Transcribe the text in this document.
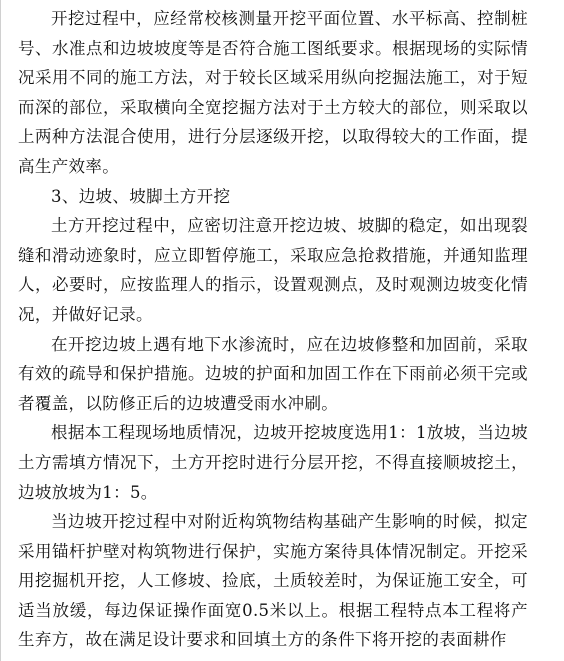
开挖过程中，应经常校核测量开挖平面位置、水平标高、控制桩号、水准点和边坡坡度等是否符合施工图纸要求。根据现场的实际情况采用不同的施工方法，对于较长区域采用纵向挖掘法施工，对于短而深的部位，采取横向全宽挖掘方法对于土方较大的部位，则采取以上两种方法混合使用，进行分层逐级开挖，以取得较大的工作面，提高生产效率。

3、边坡、坡脚土方开挖

土方开挖过程中，应密切注意开挖边坡、坡脚的稳定，如出现裂缝和滑动迹象时，应立即暂停施工，采取应急抢救措施，并通知监理人，必要时，应按监理人的指示，设置观测点，及时观测边坡变化情况，并做好记录。

在开挖边坡上遇有地下水渗流时，应在边坡修整和加固前，采取有效的疏导和保护措施。边坡的护面和加固工作在下雨前必须干完或者覆盖，以防修正后的边坡遭受雨水冲刷。

根据本工程现场地质情况，边坡开挖坡度选用1：1放坡，当边坡土方需填方情况下，土方开挖时进行分层开挖，不得直接顺坡挖土，边坡放坡为1：5。

当边坡开挖过程中对附近构筑物结构基础产生影响的时候，拟定采用锚杆护壁对构筑物进行保护，实施方案待具体情况制定。开挖采用挖掘机开挖，人工修坡、捡底，土质较差时，为保证施工安全，可适当放缓，每边保证操作面宽0.5米以上。根据工程特点本工程将产生弃方，故在满足设计要求和回填土方的条件下将开挖的表面耕作
